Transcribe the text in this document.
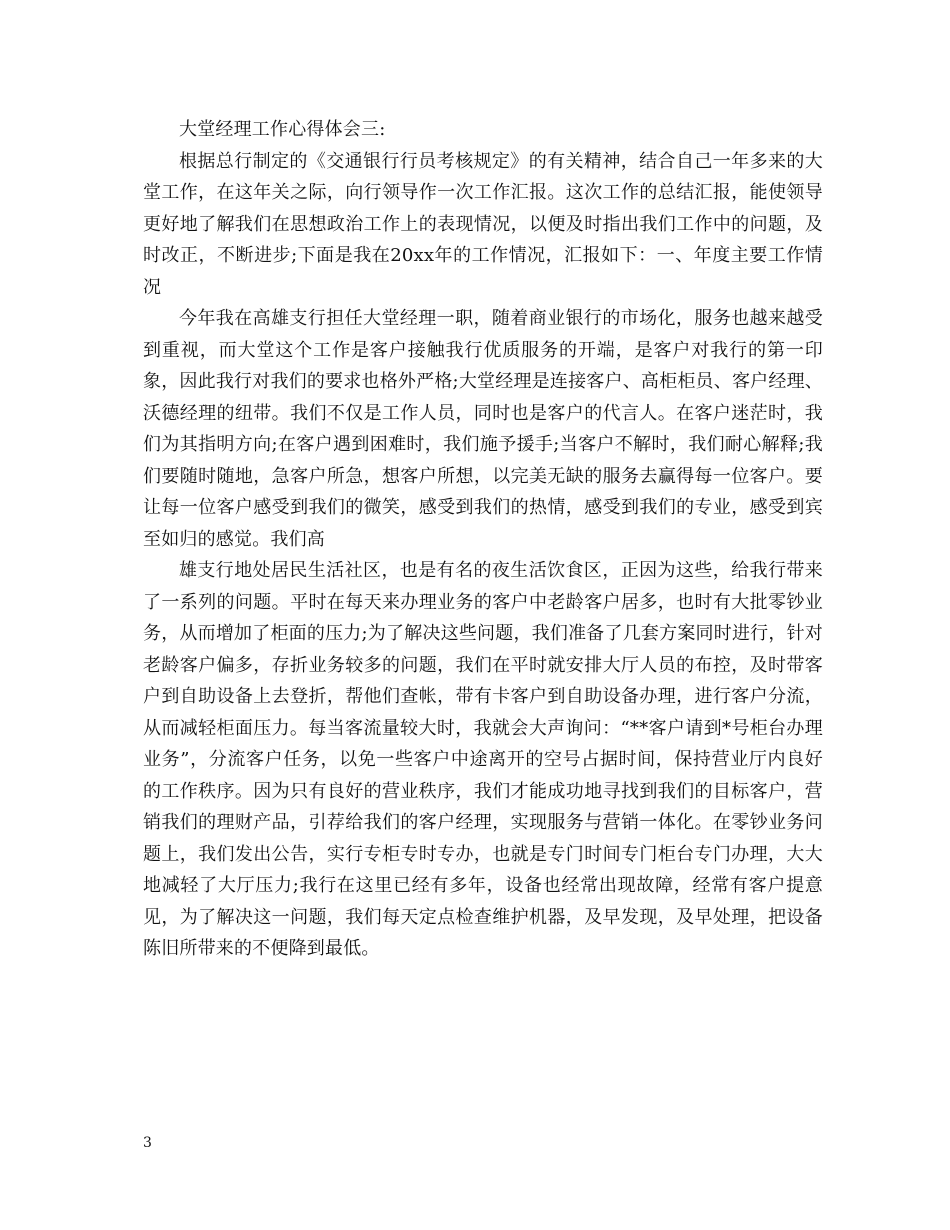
大堂经理工作心得体会三:

根据总行制定的《交通银行行员考核规定》的有关精神，结合自己一年多来的大堂工作，在这年关之际，向行领导作一次工作汇报。这次工作的总结汇报，能使领导更好地了解我们在思想政治工作上的表现情况，以便及时指出我们工作中的问题，及时改正，不断进步;下面是我在20xx年的工作情况，汇报如下：一、年度主要工作情况

今年我在高雄支行担任大堂经理一职，随着商业银行的市场化，服务也越来越受到重视，而大堂这个工作是客户接触我行优质服务的开端，是客户对我行的第一印象，因此我行对我们的要求也格外严格;大堂经理是连接客户、高柜柜员、客户经理、沃德经理的纽带。我们不仅是工作人员，同时也是客户的代言人。在客户迷茫时，我们为其指明方向;在客户遇到困难时，我们施予援手;当客户不解时，我们耐心解释;我们要随时随地，急客户所急，想客户所想，以完美无缺的服务去赢得每一位客户。要让每一位客户感受到我们的微笑，感受到我们的热情，感受到我们的专业，感受到宾至如归的感觉。我们高

雄支行地处居民生活社区，也是有名的夜生活饮食区，正因为这些，给我行带来了一系列的问题。平时在每天来办理业务的客户中老龄客户居多，也时有大批零钞业务，从而增加了柜面的压力;为了解决这些问题，我们准备了几套方案同时进行，针对老龄客户偏多，存折业务较多的问题，我们在平时就安排大厅人员的布控，及时带客户到自助设备上去登折，帮他们查帐，带有卡客户到自助设备办理，进行客户分流，从而减轻柜面压力。每当客流量较大时，我就会大声询问：“**客户请到*号柜台办理业务”，分流客户任务，以免一些客户中途离开的空号占据时间，保持营业厅内良好的工作秩序。因为只有良好的营业秩序，我们才能成功地寻找到我们的目标客户，营销我们的理财产品，引荐给我们的客户经理，实现服务与营销一体化。在零钞业务问题上，我们发出公告，实行专柜专时专办，也就是专门时间专门柜台专门办理，大大地减轻了大厅压力;我行在这里已经有多年，设备也经常出现故障，经常有客户提意见，为了解决这一问题，我们每天定点检查维护机器，及早发现，及早处理，把设备陈旧所带来的不便降到最低。

3
